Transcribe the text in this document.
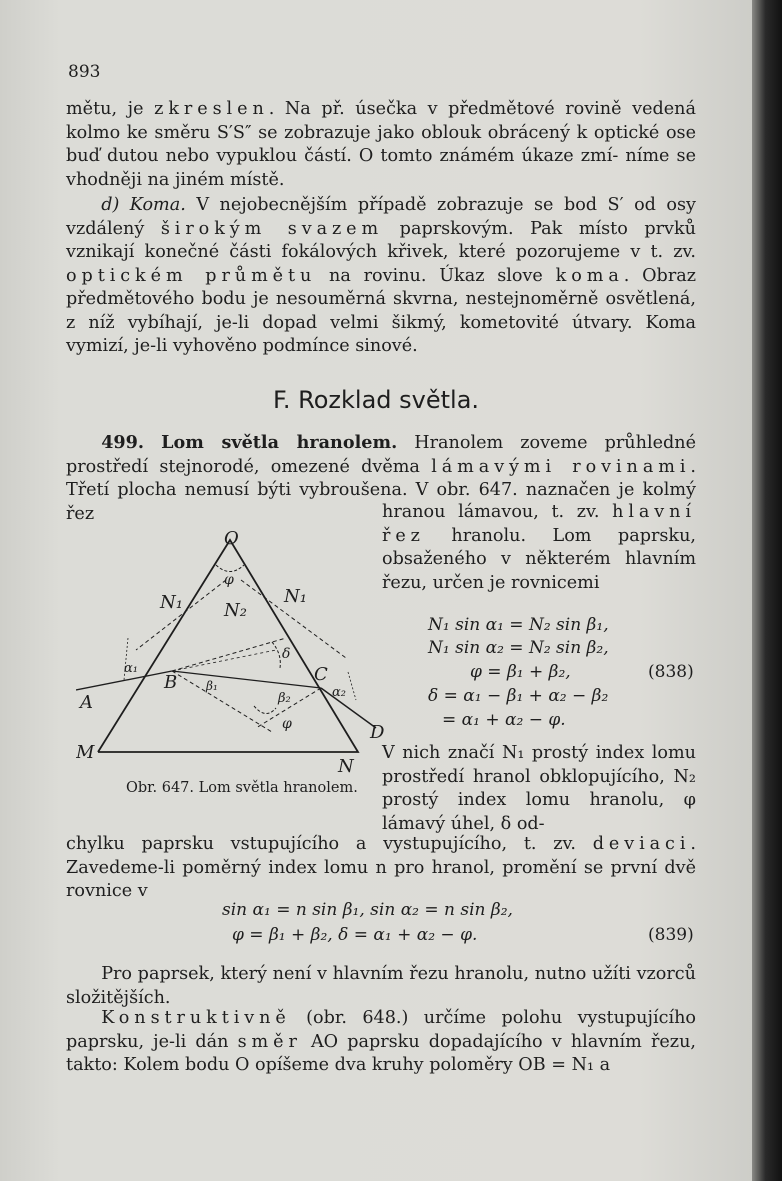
893

mětu, je zkreslen. Na př. úsečka v předmětové rovině vedená kolmo ke směru S′S″ se zobrazuje jako oblouk obrácený k optické ose buď dutou nebo vypuklou částí. O tomto známém úkaze zmí- níme se vhodněji na jiném místě.

d) Koma. V nejobecnějším případě zobrazuje se bod S′ od osy vzdálený širokým svazem paprskovým. Pak místo prvků vznikají konečné části fokálových křivek, které pozorujeme v t. zv. optickém průmětu na rovinu. Úkaz slove koma. Obraz předmětového bodu je nesouměrná skvrna, nestejnoměrně osvětlená, z níž vybíhají, je-li dopad velmi šikmý, kometovité útvary. Koma vymizí, je-li vyhověno podmínce sinové.

F. Rozklad světla.

499. Lom světla hranolem. Hranolem zoveme průhledné prostředí stejnorodé, omezené dvěma lámavými rovinami. Třetí plocha nemusí býti vybroušena. V obr. 647. naznačen je kolmý řez	hranou lámavou, t. zv. hlavní řez hranolu. Lom paprsku, obsaženého v některém hlavním řezu, určen je rovnicemi
N₁ sin α₁ = N₂ sin β₁,
N₁ sin α₂ = N₂ sin β₂,
φ = β₁ + β₂,
δ = α₁ − β₁ + α₂ − β₂
= α₁ + α₂ − φ.
(838)
V nich značí N₁ prostý index lomu prostředí hranol obklopujícího, N₂ prostý index lomu hranolu, φ lámavý úhel, δ od-
O
φ
N₁ N₂
N₁
α₁
δ
A
B β₁
C
β₂	α₂
φ	D
M
N
Obr. 647. Lom světla hranolem.

chylku paprsku vstupujícího a vystupujícího, t. zv. deviaci. Zavedeme-li poměrný index lomu n pro hranol, promění se první dvě rovnice v

sin α₁ = n sin β₁, sin α₂ = n sin β₂,
φ = β₁ + β₂, δ = α₁ + α₂ − φ.	(839)

Pro paprsek, který není v hlavním řezu hranolu, nutno užíti vzorců složitějších.

Konstruktivně (obr. 648.) určíme polohu vystupujícího paprsku, je-li dán směr AO paprsku dopadajícího v hlavním řezu, takto: Kolem bodu O opíšeme dva kruhy poloměry OB = N₁ a
